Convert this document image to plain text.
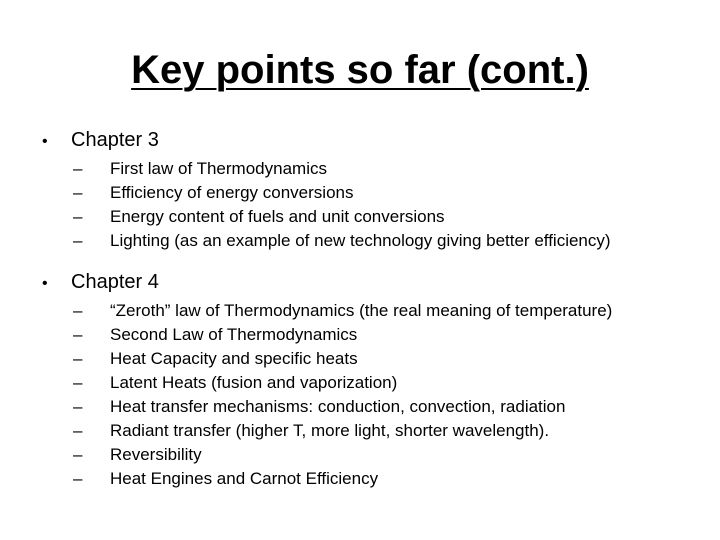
Key points so far (cont.)
•	Chapter 3
–	First law of Thermodynamics
–	Efficiency of energy conversions
–	Energy content of fuels and unit conversions
–	Lighting (as an example of new technology giving better efficiency)
•	Chapter 4
–	“Zeroth” law of Thermodynamics (the real meaning of temperature)
–	Second Law of Thermodynamics
–	Heat Capacity and specific heats
–	Latent Heats (fusion and vaporization)
–	Heat transfer mechanisms: conduction, convection, radiation
–	Radiant transfer (higher T, more light, shorter wavelength).
–	Reversibility
–	Heat Engines and Carnot Efficiency
